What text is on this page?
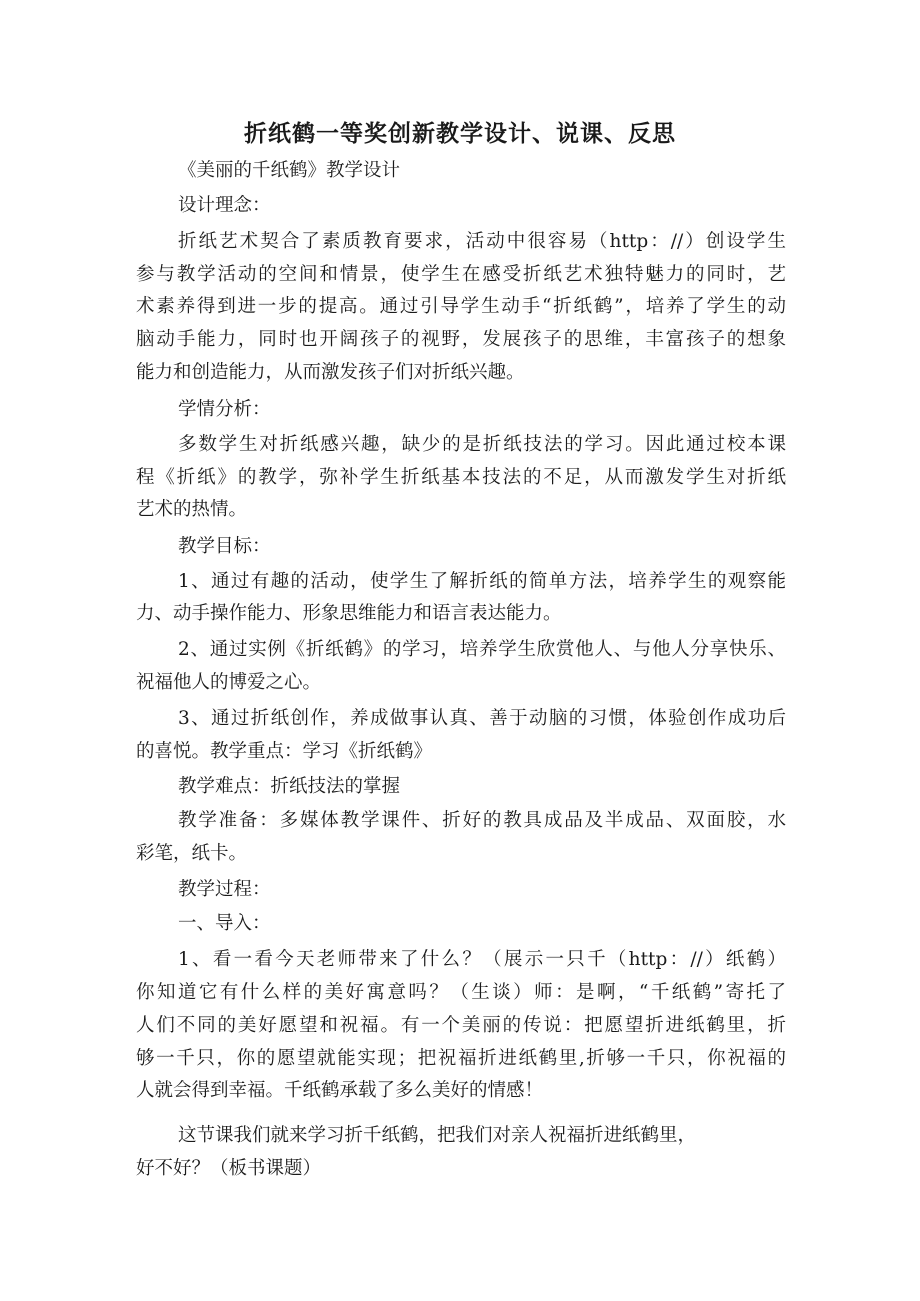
折纸鹤一等奖创新教学设计、说课、反思
《美丽的千纸鹤》教学设计
设计理念：
折纸艺术契合了素质教育要求，活动中很容易（http：//）创设学生
参与教学活动的空间和情景，使学生在感受折纸艺术独特魅力的同时，艺
术素养得到进一步的提高。通过引导学生动手“折纸鹤”，培养了学生的动
脑动手能力，同时也开阔孩子的视野，发展孩子的思维，丰富孩子的想象
能力和创造能力，从而激发孩子们对折纸兴趣。
学情分析：
多数学生对折纸感兴趣，缺少的是折纸技法的学习。因此通过校本课
程《折纸》的教学，弥补学生折纸基本技法的不足，从而激发学生对折纸
艺术的热情。
教学目标：
1、通过有趣的活动，使学生了解折纸的简单方法，培养学生的观察能
力、动手操作能力、形象思维能力和语言表达能力。
2、通过实例《折纸鹤》的学习，培养学生欣赏他人、与他人分享快乐、
祝福他人的博爱之心。
3、通过折纸创作，养成做事认真、善于动脑的习惯，体验创作成功后
的喜悦。教学重点：学习《折纸鹤》
教学难点：折纸技法的掌握
教学准备：多媒体教学课件、折好的教具成品及半成品、双面胶，水
彩笔，纸卡。
教学过程：
一、导入：
1、看一看今天老师带来了什么？（展示一只千（http：//）纸鹤）
你知道它有什么样的美好寓意吗？（生谈）师：是啊，“千纸鹤”寄托了
人们不同的美好愿望和祝福。有一个美丽的传说：把愿望折进纸鹤里，折
够一千只，你的愿望就能实现；把祝福折进纸鹤里,折够一千只，你祝福的
人就会得到幸福。千纸鹤承载了多么美好的情感！
这节课我们就来学习折千纸鹤，把我们对亲人祝福折进纸鹤里，
好不好？（板书课题）
